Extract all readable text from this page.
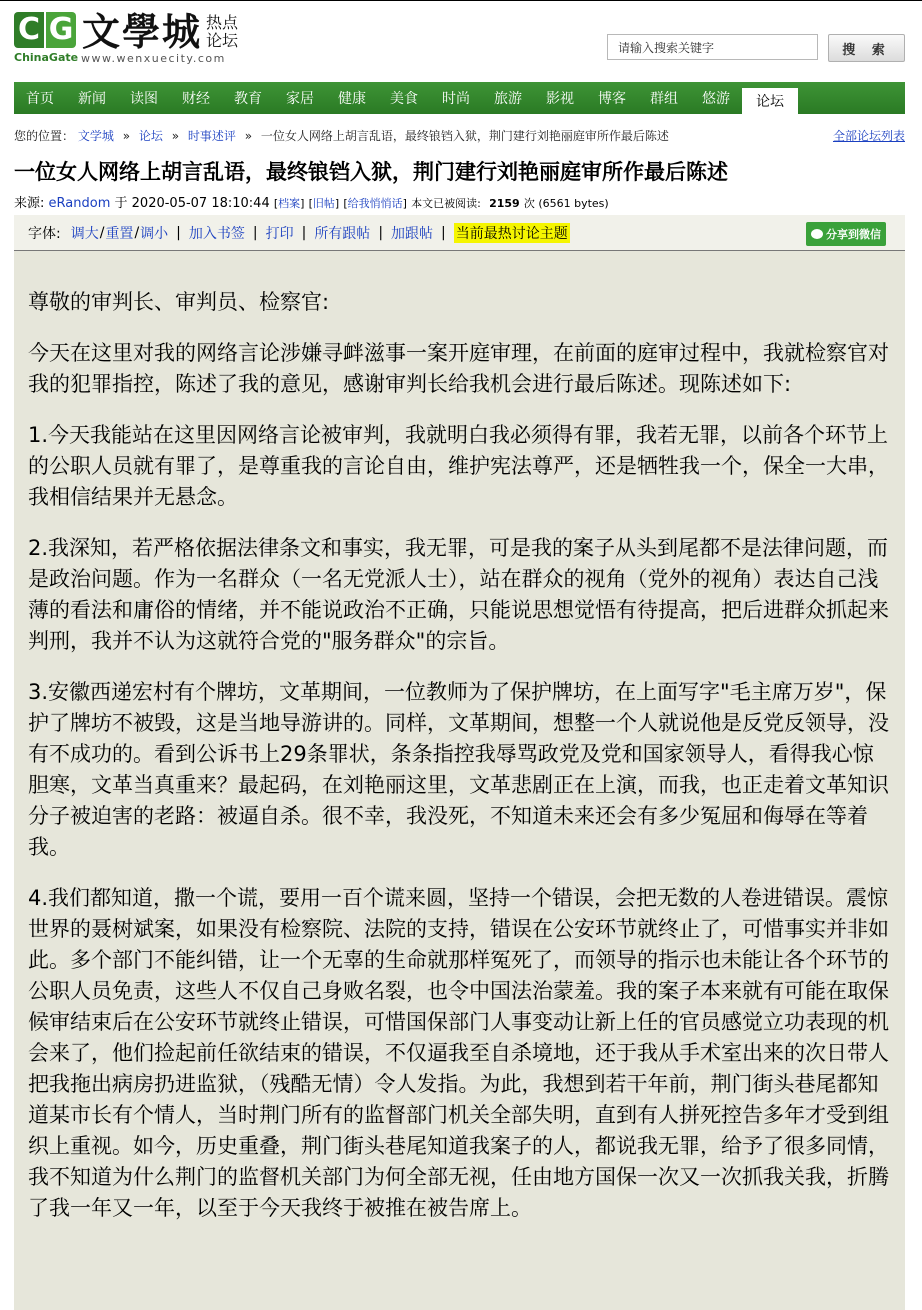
C G 文學城 热点论坛
ChinaGate www.wenxuecity.com
请输入搜索关键字
搜 索
首页	新闻	读图	财经	教育	家居	健康	美食	时尚	旅游	影视	博客	群组	悠游	论坛
您的位置： 文学城 » 论坛 » 时事述评 » 一位女人网络上胡言乱语，最终锒铛入狱，荆门建行刘艳丽庭审所作最后陈述	全部论坛列表
一位女人网络上胡言乱语，最终锒铛入狱，荆门建行刘艳丽庭审所作最后陈述
来源: eRandom 于 2020-05-07 18:10:44 [档案] [旧帖] [给我悄悄话] 本文已被阅读: 2159 次 (6561 bytes)
字体: 调大 / 重置 / 调小 | 加入书签 | 打印 | 所有跟帖 | 加跟帖 | 当前最热讨论主题	分享到微信

尊敬的审判长、审判员、检察官:

今天在这里对我的网络言论涉嫌寻衅滋事一案开庭审理，在前面的庭审过程中，我就检察官对我的犯罪指控，陈述了我的意见，感谢审判长给我机会进行最后陈述。现陈述如下:

1.今天我能站在这里因网络言论被审判，我就明白我必须得有罪，我若无罪，以前各个环节上的公职人员就有罪了，是尊重我的言论自由，维护宪法尊严，还是牺牲我一个，保全一大串，我相信结果并无悬念。

2.我深知，若严格依据法律条文和事实，我无罪，可是我的案子从头到尾都不是法律问题，而是政治问题。作为一名群众（一名无党派人士），站在群众的视角（党外的视角）表达自己浅薄的看法和庸俗的情绪，并不能说政治不正确，只能说思想觉悟有待提高，把后进群众抓起来判刑，我并不认为这就符合党的"服务群众"的宗旨。

3.安徽西递宏村有个牌坊，文革期间，一位教师为了保护牌坊，在上面写字"毛主席万岁"，保护了牌坊不被毁，这是当地导游讲的。同样，文革期间，想整一个人就说他是反党反领导，没有不成功的。看到公诉书上29条罪状，条条指控我辱骂政党及党和国家领导人，看得我心惊胆寒，文革当真重来？最起码，在刘艳丽这里，文革悲剧正在上演，而我，也正走着文革知识分子被迫害的老路：被逼自杀。很不幸，我没死，不知道未来还会有多少冤屈和侮辱在等着我。

4.我们都知道，撒一个谎，要用一百个谎来圆，坚持一个错误，会把无数的人卷进错误。震惊世界的聂树斌案，如果没有检察院、法院的支持，错误在公安环节就终止了，可惜事实并非如此。多个部门不能纠错，让一个无辜的生命就那样冤死了，而领导的指示也未能让各个环节的公职人员免责，这些人不仅自己身败名裂，也令中国法治蒙羞。我的案子本来就有可能在取保候审结束后在公安环节就终止错误，可惜国保部门人事变动让新上任的官员感觉立功表现的机会来了，他们捡起前任欲结束的错误，不仅逼我至自杀境地，还于我从手术室出来的次日带人把我拖出病房扔进监狱，（残酷无情）令人发指。为此，我想到若干年前，荆门街头巷尾都知道某市长有个情人，当时荆门所有的监督部门机关全部失明，直到有人拼死控告多年才受到组织上重视。如今，历史重叠，荆门街头巷尾知道我案子的人，都说我无罪，给予了很多同情，我不知道为什么荆门的监督机关部门为何全部无视，任由地方国保一次又一次抓我关我，折腾了我一年又一年，以至于今天我终于被推在被告席上。
